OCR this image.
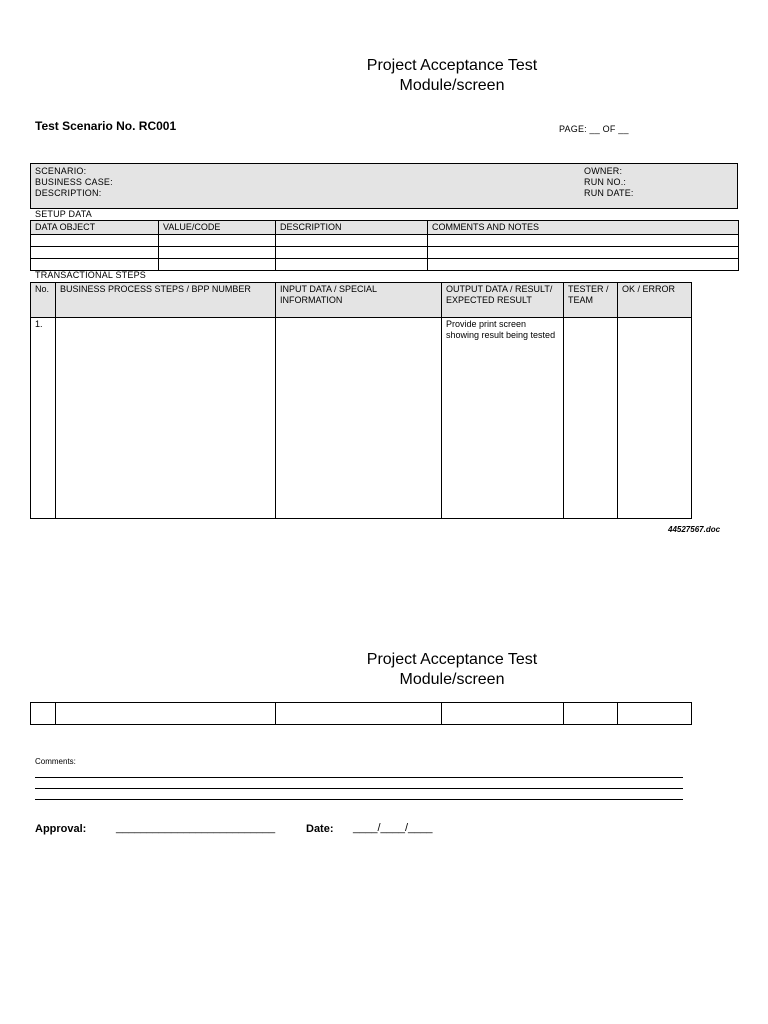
Project Acceptance Test
Module/screen
Test Scenario No. RC001	PAGE: __ OF __
SCENARIO:
BUSINESS CASE:
DESCRIPTION:
OWNER:
RUN NO.:
RUN DATE:
SETUP DATA
DATA OBJECT	VALUE/CODE	DESCRIPTION	COMMENTS AND NOTES

TRANSACTIONAL STEPS
No.	BUSINESS PROCESS STEPS / BPP NUMBER	INPUT DATA / SPECIAL INFORMATION	OUTPUT DATA / RESULT/ EXPECTED RESULT	TESTER / TEAM	OK / ERROR
1.			Provide print screen showing result being tested		
44527567.doc
Project Acceptance Test
Module/screen

Comments:
Approval:	__________________________	Date: ____/____/____
